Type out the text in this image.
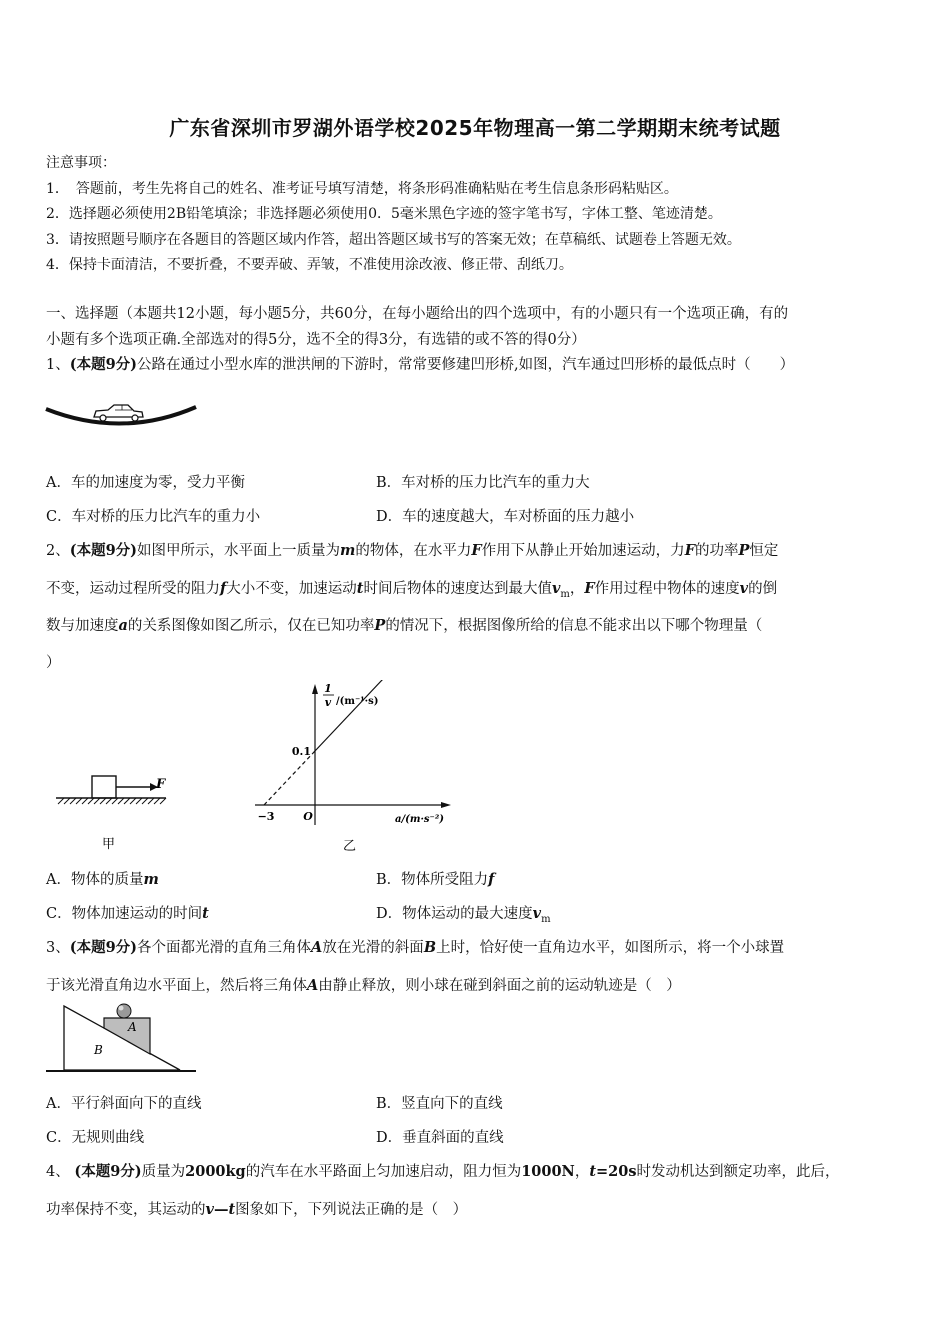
广东省深圳市罗湖外语学校2025年物理高一第二学期期末统考试题
注意事项：
1．　答题前，考生先将自己的姓名、准考证号填写清楚，将条形码准确粘贴在考生信息条形码粘贴区。
2．选择题必须使用2B铅笔填涂；非选择题必须使用0．5毫米黑色字迹的签字笔书写，字体工整、笔迹清楚。
3．请按照题号顺序在各题目的答题区域内作答，超出答题区域书写的答案无效；在草稿纸、试题卷上答题无效。
4．保持卡面清洁，不要折叠，不要弄破、弄皱，不准使用涂改液、修正带、刮纸刀。
一、选择题（本题共12小题，每小题5分，共60分，在每小题给出的四个选项中，有的小题只有一个选项正确，有的
小题有多个选项正确.全部选对的得5分，选不全的得3分，有选错的或不答的得0分）
1、(本题9分)公路在通过小型水库的泄洪闸的下游时，常常要修建凹形桥,如图，汽车通过凹形桥的最低点时（　　）
A．车的加速度为零，受力平衡	B．车对桥的压力比汽车的重力大
C．车对桥的压力比汽车的重力小	D．车的速度越大，车对桥面的压力越小
2、(本题9分)如图甲所示，水平面上一质量为m的物体，在水平力F作用下从静止开始加速运动，力F的功率P恒定
不变，运动过程所受的阻力f大小不变，加速运动t时间后物体的速度达到最大值$v_m$，F作用过程中物体的速度v的倒
数与加速度a的关系图像如图乙所示，仅在已知功率P的情况下，根据图像所给的信息不能求出以下哪个物理量（
）
F
甲
1
v /(m⁻¹·s)
a/(m·s⁻²)
0.1
−3	O
乙
A．物体的质量m	B．物体所受阻力f
C．物体加速运动的时间t	D．物体运动的最大速度$v_m$
3、(本题9分)各个面都光滑的直角三角体A放在光滑的斜面B上时，恰好使一直角边水平，如图所示，将一个小球置
于该光滑直角边水平面上，然后将三角体A由静止释放，则小球在碰到斜面之前的运动轨迹是（　）
A
B
A．平行斜面向下的直线	B．竖直向下的直线
C．无规则曲线	D．垂直斜面的直线
4、 (本题9分)质量为2000kg的汽车在水平路面上匀加速启动，阻力恒为1000N，t=20s时发动机达到额定功率，此后，
功率保持不变，其运动的v—t图象如下，下列说法正确的是（　）
